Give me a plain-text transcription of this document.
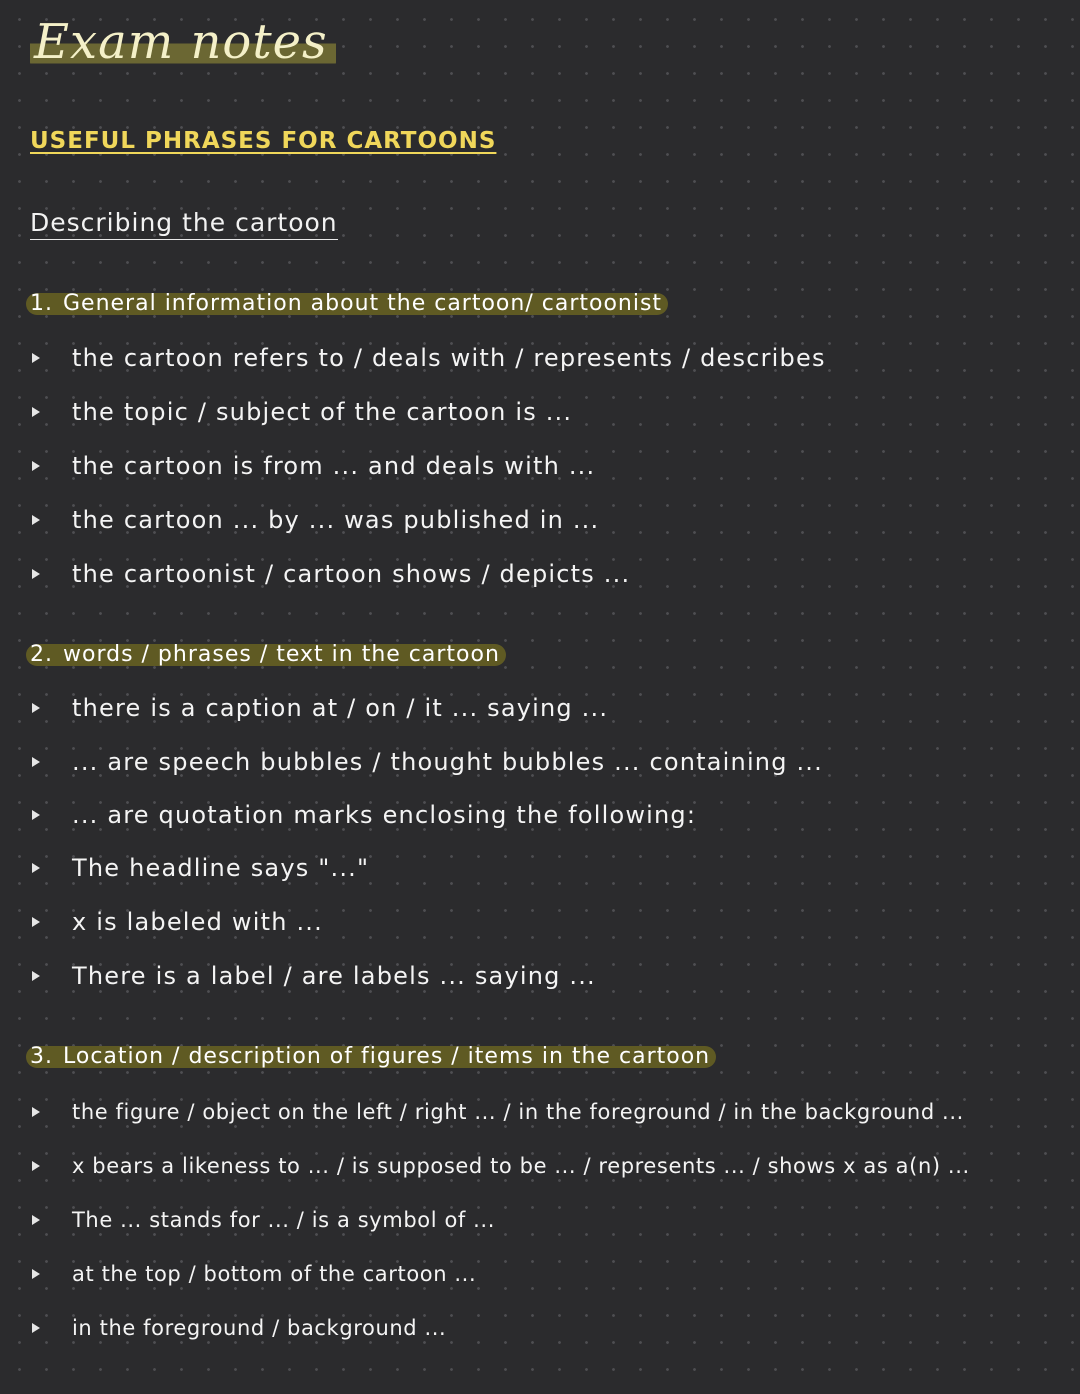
Exam notes
USEFUL PHRASES FOR CARTOONS
Describing the cartoon
1. General information about the cartoon/ cartoonist
the cartoon refers to / deals with / represents / describes
the topic / subject of the cartoon is ...
the cartoon is from ... and deals with ...
the cartoon ... by ... was published in ...
the cartoonist / cartoon shows / depicts ...
2. words / phrases / text in the cartoon
there is a caption at / on / it ... saying ...
... are speech bubbles / thought bubbles ... containing ...
... are quotation marks enclosing the following:
The headline says "..."
x is labeled with ...
There is a label / are labels ... saying ...
3. Location / description of figures / items in the cartoon
the figure / object on the left / right ... / in the foreground / in the background ...
x bears a likeness to ... / is supposed to be ... / represents ... / shows x as a(n) ...
The ... stands for ... / is a symbol of ...
at the top / bottom of the cartoon ...
in the foreground / background ...
